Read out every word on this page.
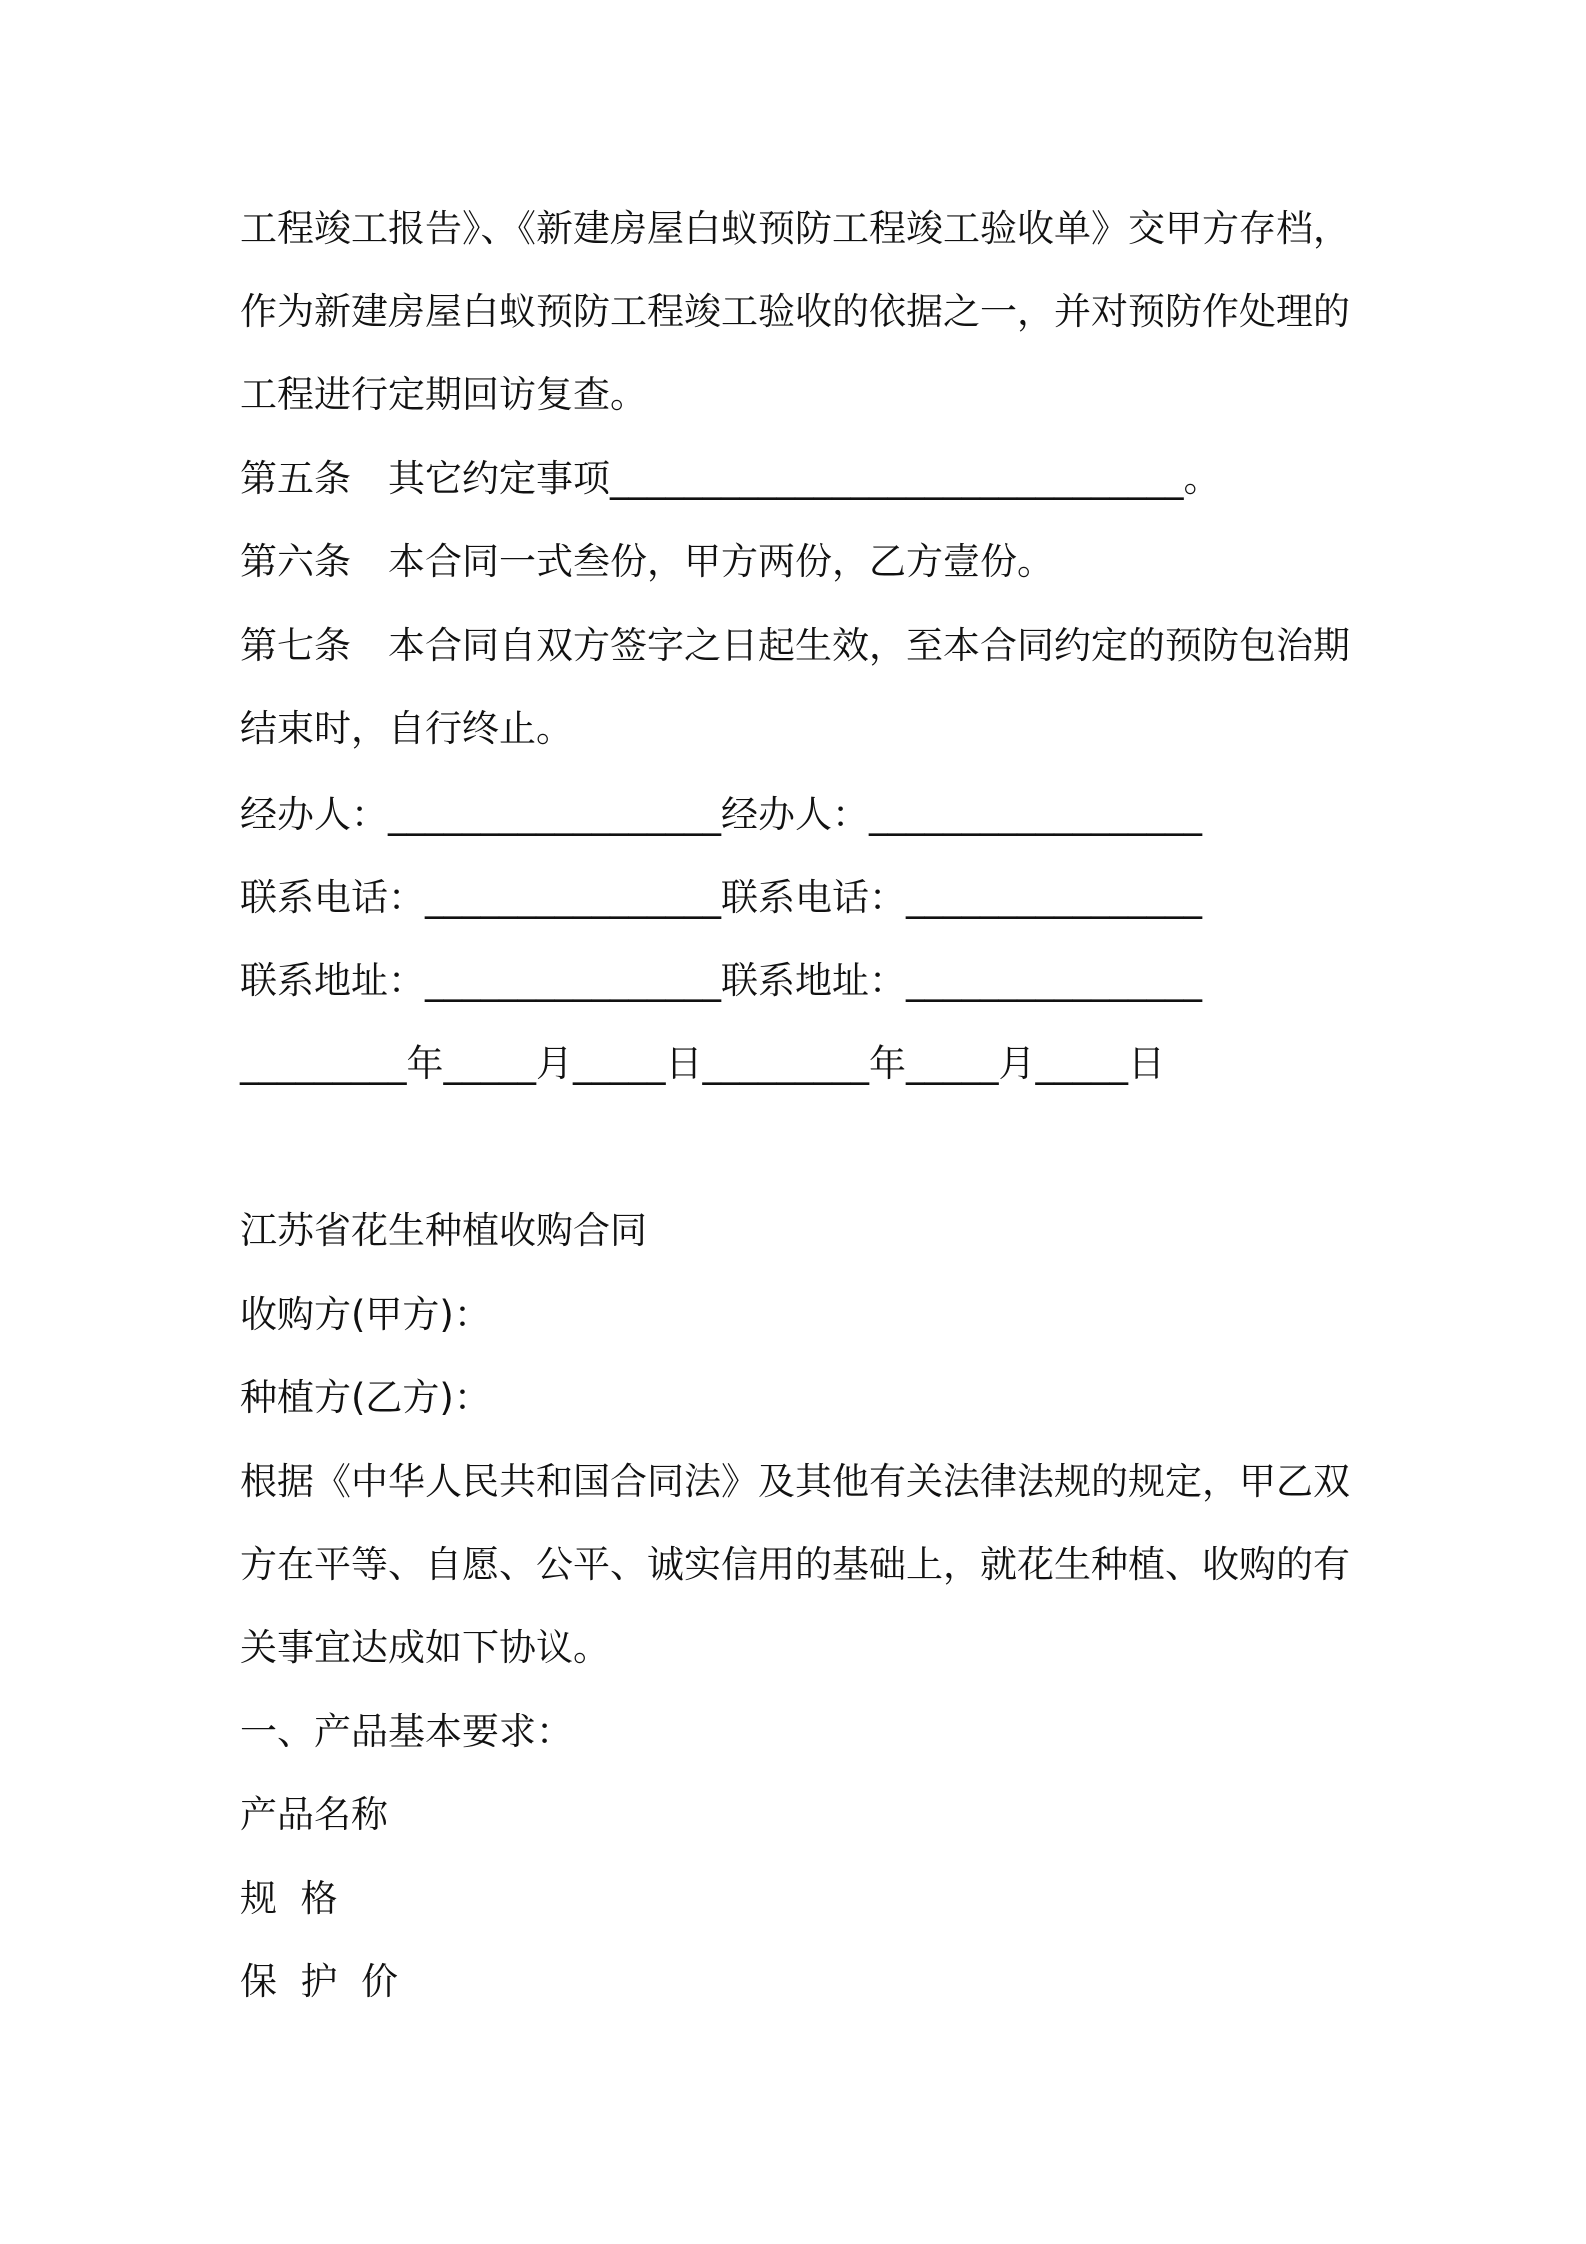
工程竣工报告》、《新建房屋白蚁预防工程竣工验收单》交甲方存档，
作为新建房屋白蚁预防工程竣工验收的依据之一，并对预防作处理的
工程进行定期回访复查。
第五条　其它约定事项_______________________________。
第六条　本合同一式叁份，甲方两份，乙方壹份。
第七条　本合同自双方签字之日起生效，至本合同约定的预防包治期
结束时，自行终止。
经办人：__________________经办人：__________________
联系电话：________________联系电话：________________
联系地址：________________联系地址：________________
_________年_____月_____日_________年_____月_____日
江苏省花生种植收购合同
收购方(甲方)：
种植方(乙方)：
根据《中华人民共和国合同法》及其他有关法律法规的规定，甲乙双
方在平等、自愿、公平、诚实信用的基础上，就花生种植、收购的有
关事宜达成如下协议。
一、产品基本要求：
产品名称
规  格
保  护  价
